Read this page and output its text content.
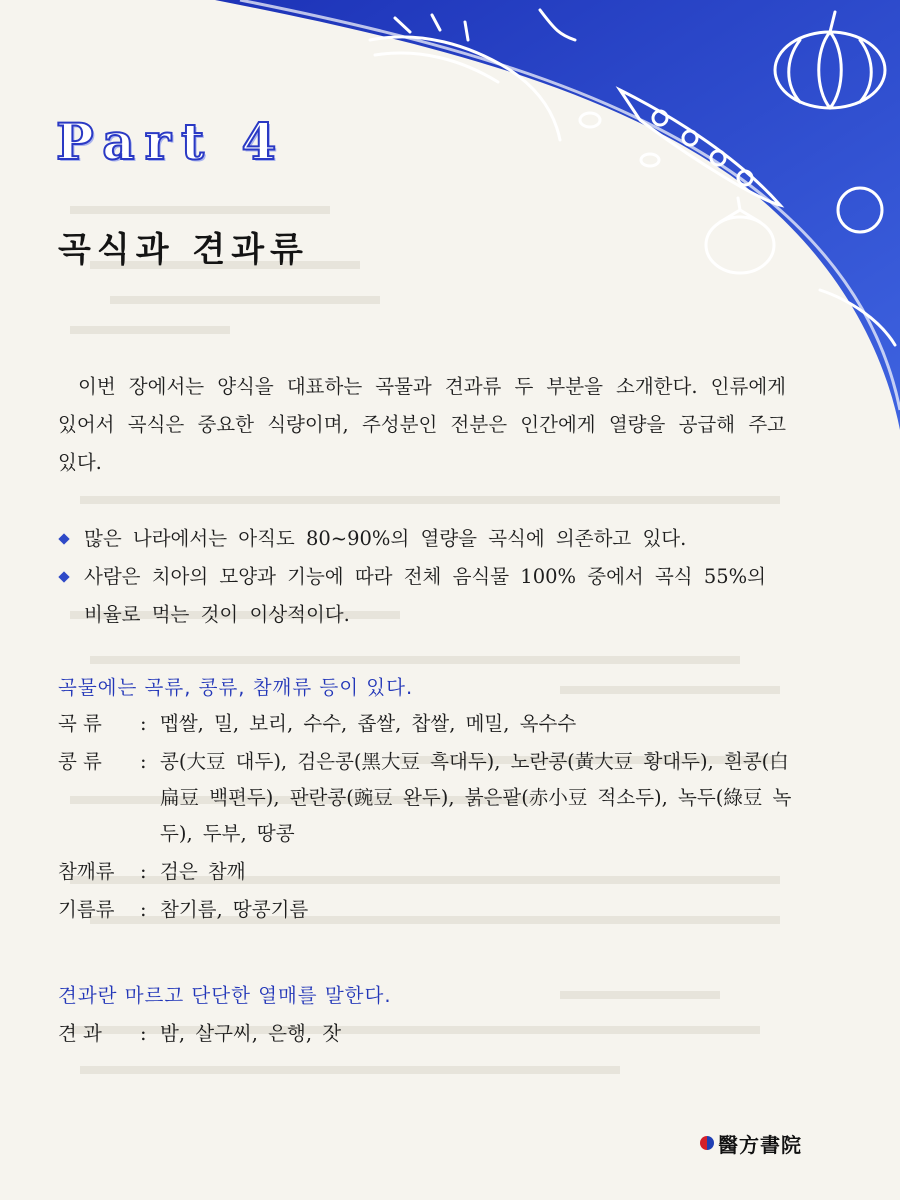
Part 4
곡식과 견과류

이번 장에서는 양식을 대표하는 곡물과 견과류 두 부분을 소개한다. 인류에게 있어서 곡식은 중요한 식량이며, 주성분인 전분은 인간에게 열량을 공급해 주고 있다.

많은 나라에서는 아직도 80~90%의 열량을 곡식에 의존하고 있다.
사람은 치아의 모양과 기능에 따라 전체 음식물 100% 중에서 곡식 55%의 비율로 먹는 것이 이상적이다.
곡물에는 곡류, 콩류, 참깨류 등이 있다.
곡 류	: 멥쌀, 밀, 보리, 수수, 좁쌀, 찹쌀, 메밀, 옥수수
콩 류	: 콩(大豆 대두), 검은콩(黑大豆 흑대두), 노란콩(黃大豆 황대두), 흰콩(白扁豆 백편두), 판란콩(豌豆 완두), 붉은팥(赤小豆 적소두), 녹두(綠豆 녹두), 두부, 땅콩
참깨류	: 검은 참깨
기름류	: 참기름, 땅콩기름
견과란 마르고 단단한 열매를 말한다.
견 과	: 밤, 살구씨, 은행, 잣
醫方書院
